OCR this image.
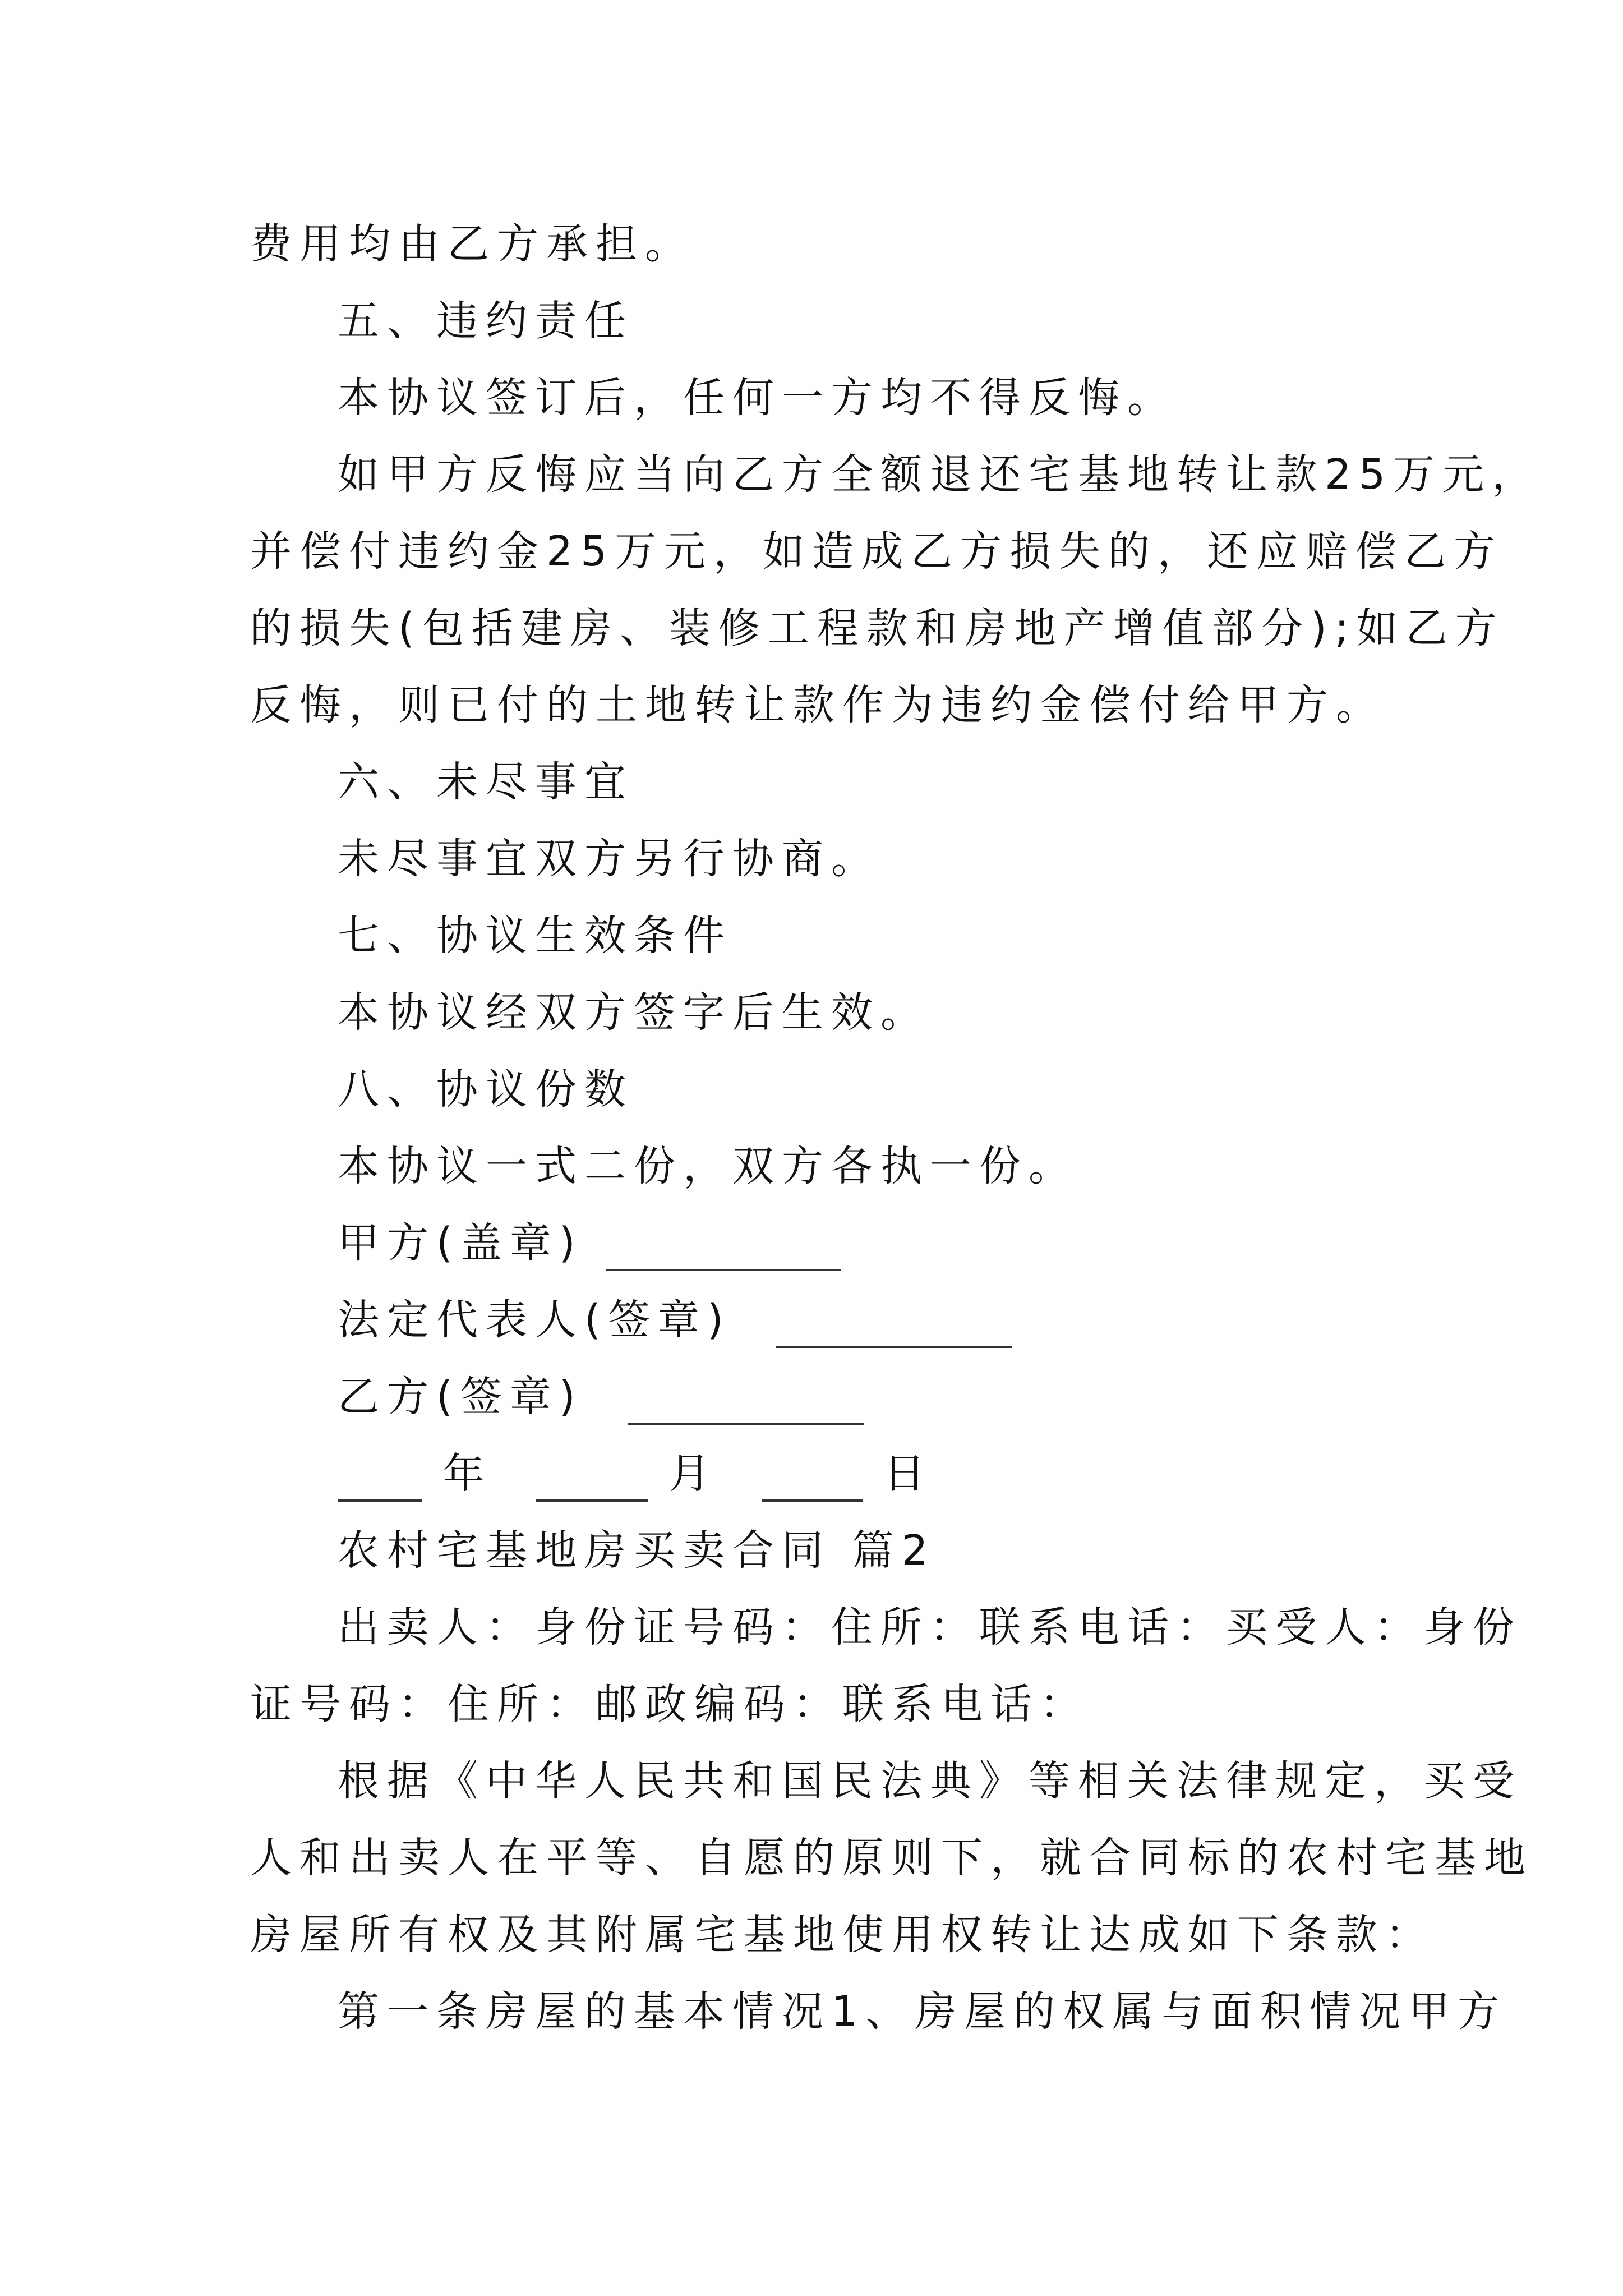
费用均由乙方承担。
五、违约责任
本协议签订后，任何一方均不得反悔。
如甲方反悔应当向乙方全额退还宅基地转让款25万元，
并偿付违约金25万元，如造成乙方损失的，还应赔偿乙方
的损失(包括建房、装修工程款和房地产增值部分);如乙方
反悔，则已付的土地转让款作为违约金偿付给甲方。
六、未尽事宜
未尽事宜双方另行协商。
七、协议生效条件
本协议经双方签字后生效。
八、协议份数
本协议一式二份，双方各执一份。
甲方(盖章)
法定代表人(签章)
乙方(签章)
年	月	日
农村宅基地房买卖合同 篇2
出卖人：身份证号码：住所：联系电话：买受人：身份
证号码：住所：邮政编码：联系电话：
根据《中华人民共和国民法典》等相关法律规定，买受
人和出卖人在平等、自愿的原则下，就合同标的农村宅基地
房屋所有权及其附属宅基地使用权转让达成如下条款：
第一条房屋的基本情况1、房屋的权属与面积情况甲方
